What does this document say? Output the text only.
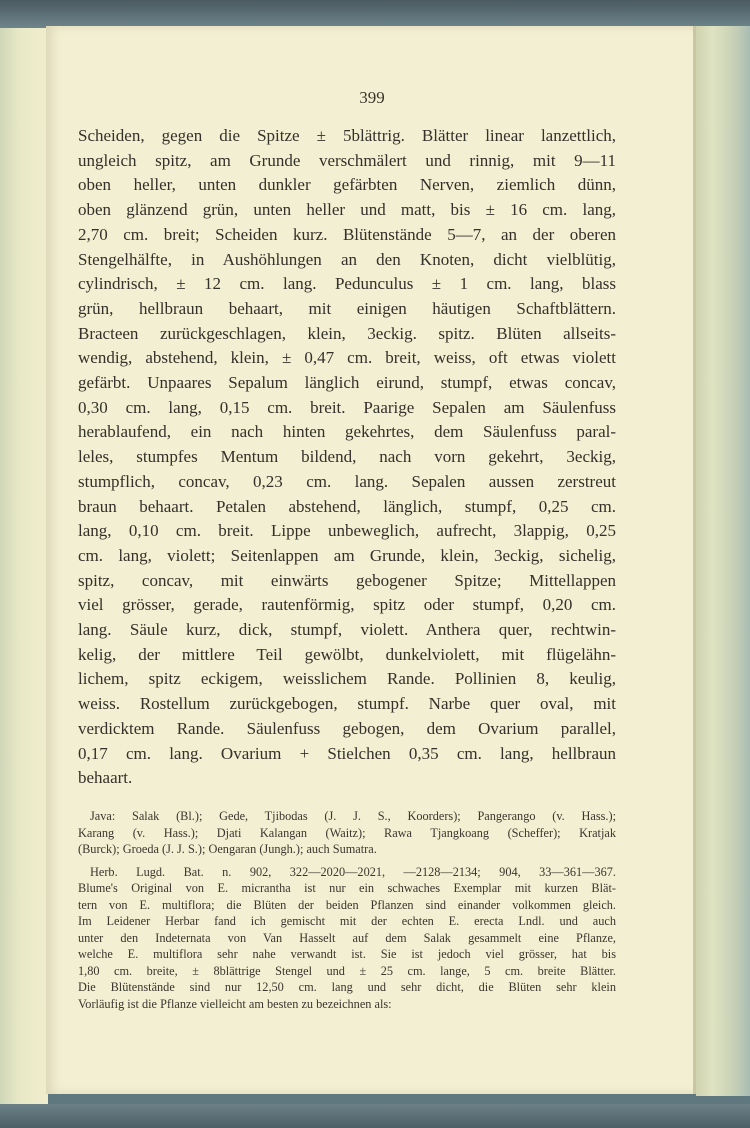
399
Scheiden, gegen die Spitze ± 5blättrig. Blätter linear lanzettlich,
ungleich spitz, am Grunde verschmälert und rinnig, mit 9—11
oben heller, unten dunkler gefärbten Nerven, ziemlich dünn,
oben glänzend grün, unten heller und matt, bis ± 16 cm. lang,
2,70 cm. breit; Scheiden kurz. Blütenstände 5—7, an der oberen
Stengelhälfte, in Aushöhlungen an den Knoten, dicht vielblütig,
cylindrisch, ± 12 cm. lang. Pedunculus ± 1 cm. lang, blass
grün, hellbraun behaart, mit einigen häutigen Schaftblättern.
Bracteen zurückgeschlagen, klein, 3eckig. spitz. Blüten allseits-
wendig, abstehend, klein, ± 0,47 cm. breit, weiss, oft etwas violett
gefärbt. Unpaares Sepalum länglich eirund, stumpf, etwas concav,
0,30 cm. lang, 0,15 cm. breit. Paarige Sepalen am Säulenfuss
herablaufend, ein nach hinten gekehrtes, dem Säulenfuss paral-
leles, stumpfes Mentum bildend, nach vorn gekehrt, 3eckig,
stumpflich, concav, 0,23 cm. lang. Sepalen aussen zerstreut
braun behaart. Petalen abstehend, länglich, stumpf, 0,25 cm.
lang, 0,10 cm. breit. Lippe unbeweglich, aufrecht, 3lappig, 0,25
cm. lang, violett; Seitenlappen am Grunde, klein, 3eckig, sichelig,
spitz, concav, mit einwärts gebogener Spitze; Mittellappen
viel grösser, gerade, rautenförmig, spitz oder stumpf, 0,20 cm.
lang. Säule kurz, dick, stumpf, violett. Anthera quer, rechtwin-
kelig, der mittlere Teil gewölbt, dunkelviolett, mit flügelähn-
lichem, spitz eckigem, weisslichem Rande. Pollinien 8, keulig,
weiss. Rostellum zurückgebogen, stumpf. Narbe quer oval, mit
verdicktem Rande. Säulenfuss gebogen, dem Ovarium parallel,
0,17 cm. lang. Ovarium + Stielchen 0,35 cm. lang, hellbraun
behaart.
Java: Salak (Bl.); Gede, Tjibodas (J. J. S., Koorders); Pangerango (v. Hass.);
Karang (v. Hass.); Djati Kalangan (Waitz); Rawa Tjangkoang (Scheffer); Kratjak
(Burck); Groeda (J. J. S.); Oengaran (Jungh.); auch Sumatra.
Herb. Lugd. Bat. n. 902, 322—2020—2021, —2128—2134; 904, 33—361—367.
Blume's Original von E. micrantha ist nur ein schwaches Exemplar mit kurzen Blät-
tern von E. multiflora; die Blüten der beiden Pflanzen sind einander volkommen gleich.
Im Leidener Herbar fand ich gemischt mit der echten E. erecta Lndl. und auch
unter den Indeternata von Van Hasselt auf dem Salak gesammelt eine Pflanze,
welche E. multiflora sehr nahe verwandt ist. Sie ist jedoch viel grösser, hat bis
1,80 cm. breite, ± 8blättrige Stengel und ± 25 cm. lange, 5 cm. breite Blätter.
Die Blütenstände sind nur 12,50 cm. lang und sehr dicht, die Blüten sehr klein
Vorläufig ist die Pflanze vielleicht am besten zu bezeichnen als:
